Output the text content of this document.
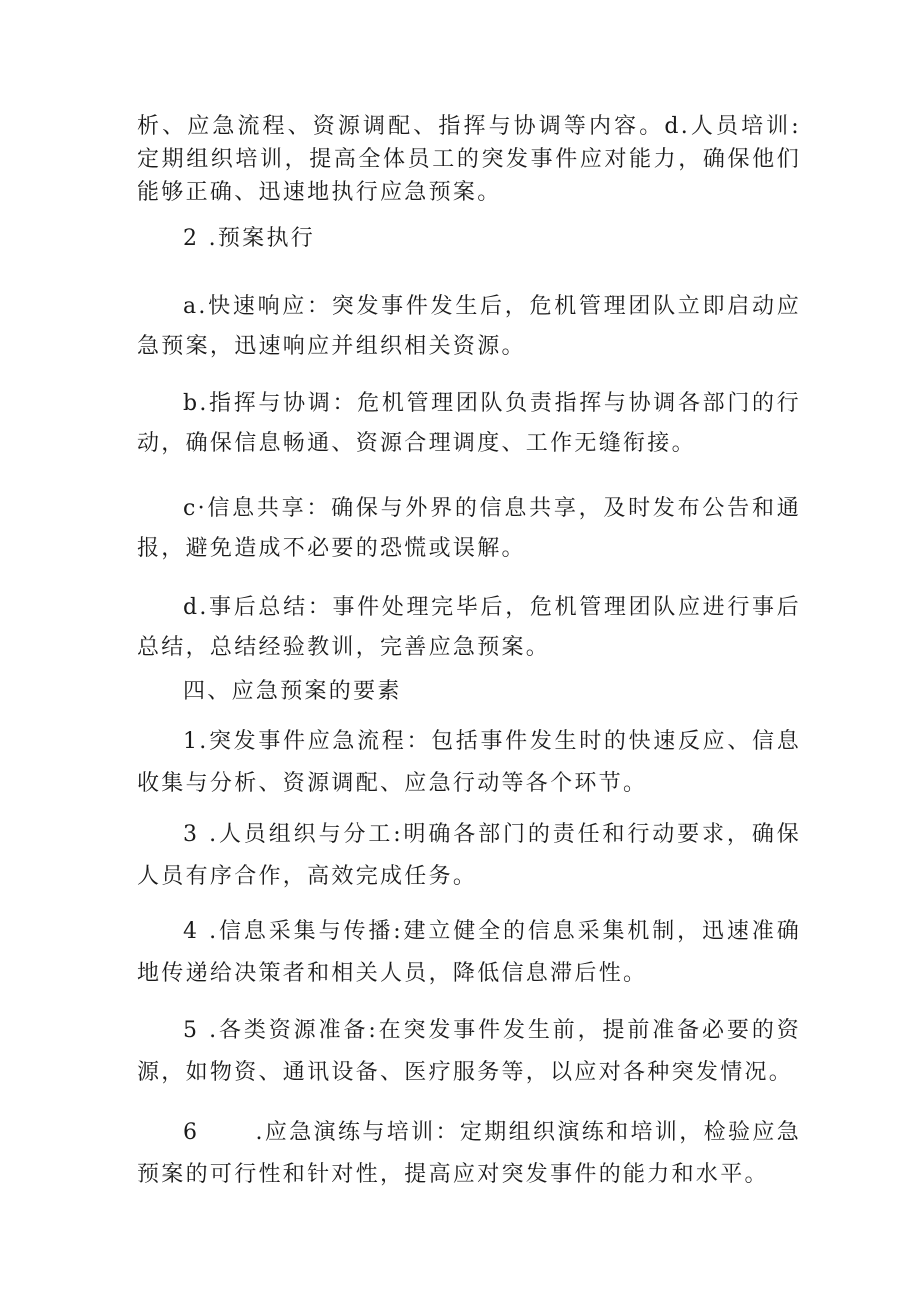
析、应急流程、资源调配、指挥与协调等内容。d.人员培训:定期组织培训，提高全体员工的突发事件应对能力，确保他们能够正确、迅速地执行应急预案。

2 .预案执行

a.快速响应：突发事件发生后，危机管理团队立即启动应急预案，迅速响应并组织相关资源。

b.指挥与协调：危机管理团队负责指挥与协调各部门的行动，确保信息畅通、资源合理调度、工作无缝衔接。

c·信息共享：确保与外界的信息共享，及时发布公告和通报，避免造成不必要的恐慌或误解。

d.事后总结：事件处理完毕后，危机管理团队应进行事后总结，总结经验教训，完善应急预案。

四、应急预案的要素

1.突发事件应急流程：包括事件发生时的快速反应、信息收集与分析、资源调配、应急行动等各个环节。

3 .人员组织与分工:明确各部门的责任和行动要求，确保人员有序合作，高效完成任务。

4 .信息采集与传播:建立健全的信息采集机制，迅速准确地传递给决策者和相关人员，降低信息滞后性。

5 .各类资源准备:在突发事件发生前，提前准备必要的资源，如物资、通讯设备、医疗服务等，以应对各种突发情况。

6      .应急演练与培训：定期组织演练和培训，检验应急预案的可行性和针对性，提高应对突发事件的能力和水平。
